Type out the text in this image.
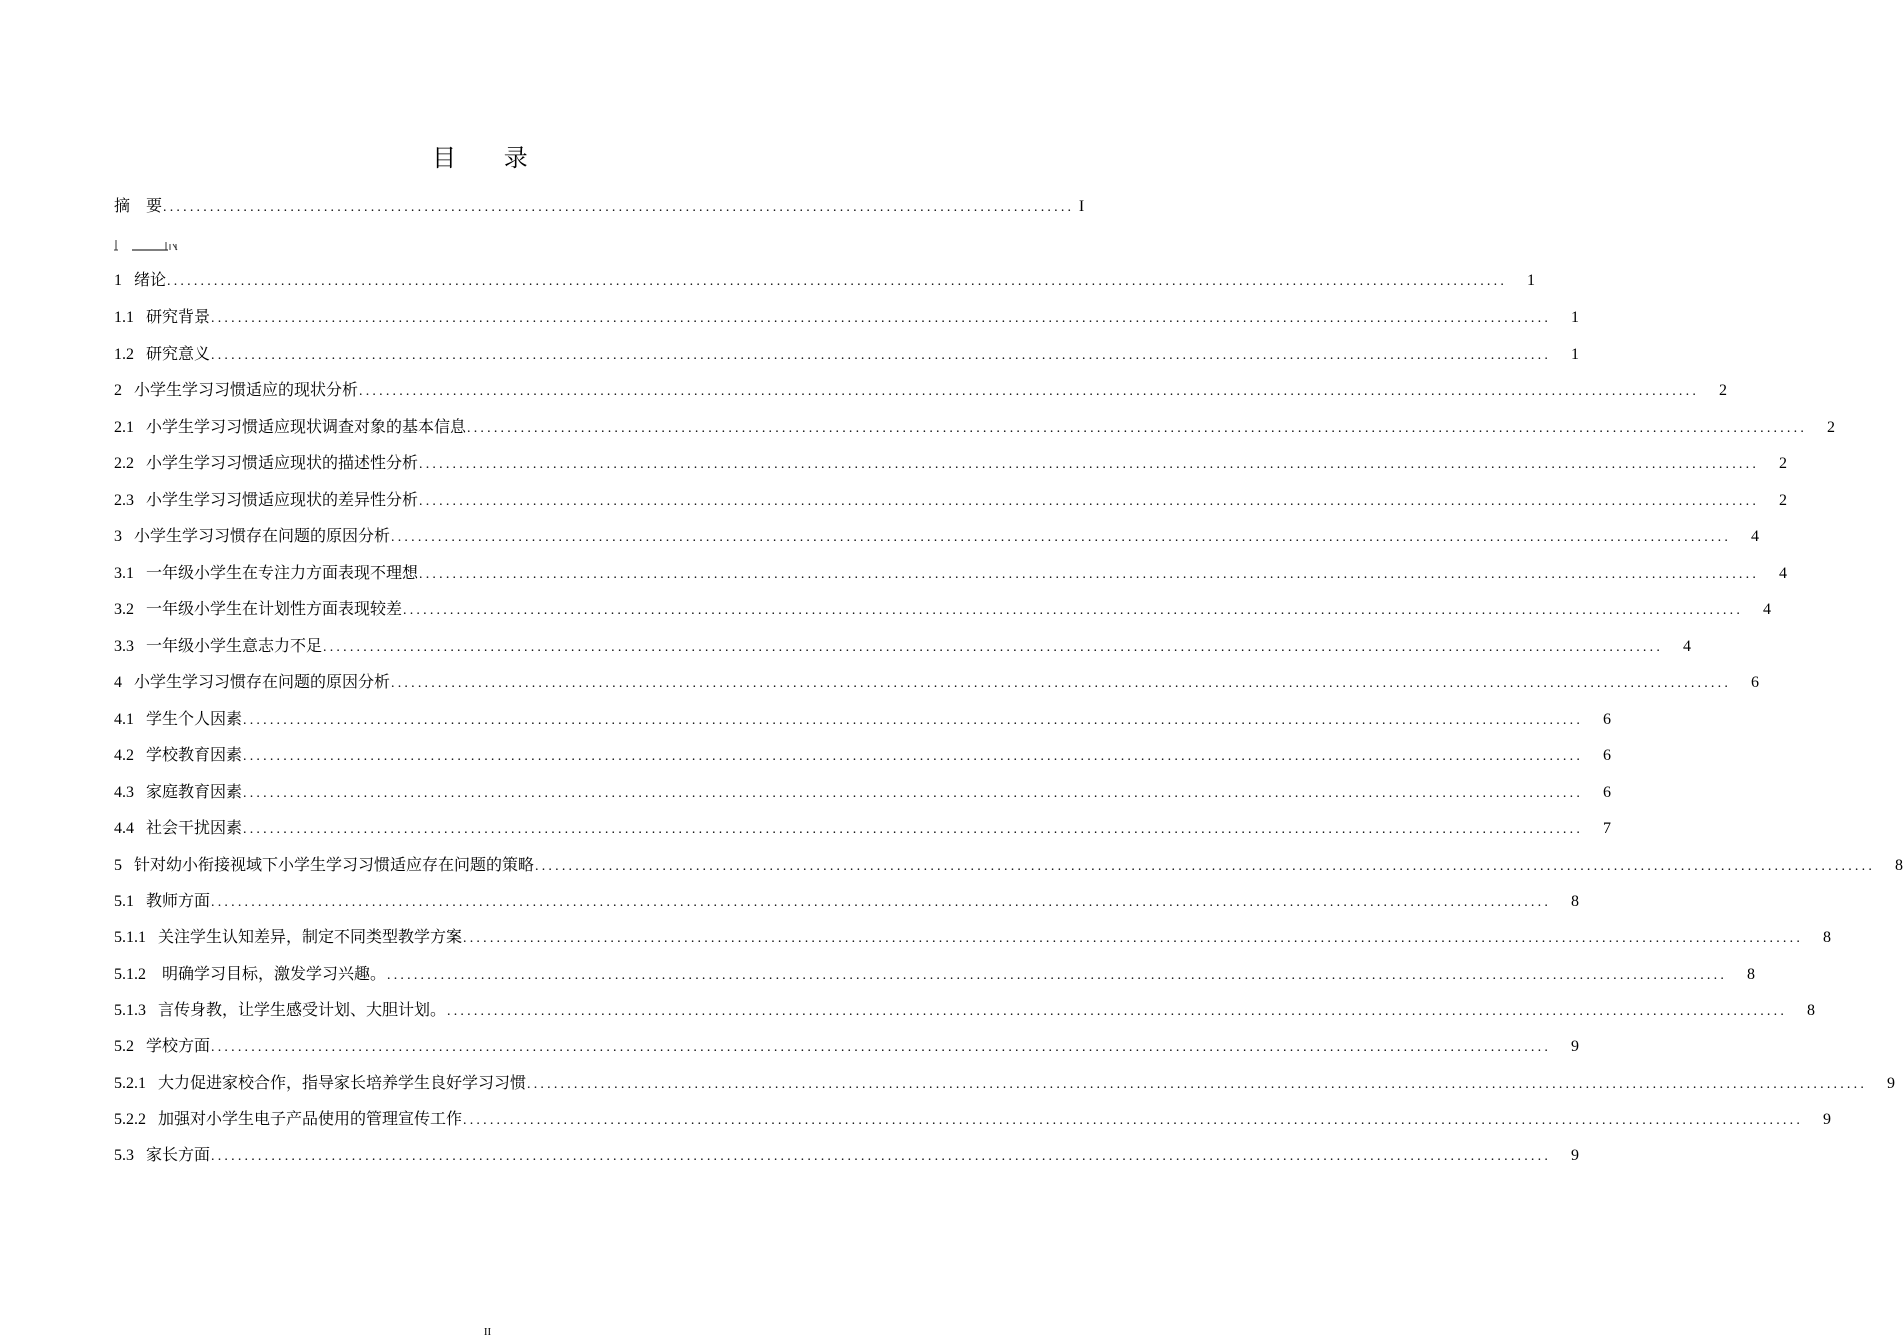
目 录
摘    要 ........................................................................................................................................ I
1 绪论 ........................................................................................................................................................................................................	1
1.1 研究背景 ........................................................................................................................................................................................................	1
1.2 研究意义 ........................................................................................................................................................................................................	1
2 小学生学习习惯适应的现状分析 ........................................................................................................................................................................................................	2
2.1 小学生学习习惯适应现状调查对象的基本信息 ........................................................................................................................................................................................................	2
2.2 小学生学习习惯适应现状的描述性分析 ........................................................................................................................................................................................................	2
2.3 小学生学习习惯适应现状的差异性分析 ........................................................................................................................................................................................................	2
3 小学生学习习惯存在问题的原因分析 ........................................................................................................................................................................................................	4
3.1 一年级小学生在专注力方面表现不理想 ........................................................................................................................................................................................................	4
3.2 一年级小学生在计划性方面表现较差 ........................................................................................................................................................................................................	4
3.3 一年级小学生意志力不足 ........................................................................................................................................................................................................	4
4 小学生学习习惯存在问题的原因分析 ........................................................................................................................................................................................................	6
4.1 学生个人因素 ........................................................................................................................................................................................................	6
4.2 学校教育因素 ........................................................................................................................................................................................................	6
4.3 家庭教育因素 ........................................................................................................................................................................................................	6
4.4 社会干扰因素 ........................................................................................................................................................................................................	7
5 针对幼小衔接视域下小学生学习习惯适应存在问题的策略 ........................................................................................................................................................................................................	8
5.1 教师方面 ........................................................................................................................................................................................................	8
5.1.1 关注学生认知差异，制定不同类型教学方案 ........................................................................................................................................................................................................	8
5.1.2 明确学习目标，激发学习兴趣。 ........................................................................................................................................................................................................	8
5.1.3 言传身教，让学生感受计划、大胆计划。 ........................................................................................................................................................................................................	8
5.2 学校方面 ........................................................................................................................................................................................................	9
5.2.1 大力促进家校合作，指导家长培养学生良好学习习惯 ........................................................................................................................................................................................................	9
5.2.2 加强对小学生电子产品使用的管理宣传工作 ........................................................................................................................................................................................................	9
5.3 家长方面 ........................................................................................................................................................................................................	9
II
